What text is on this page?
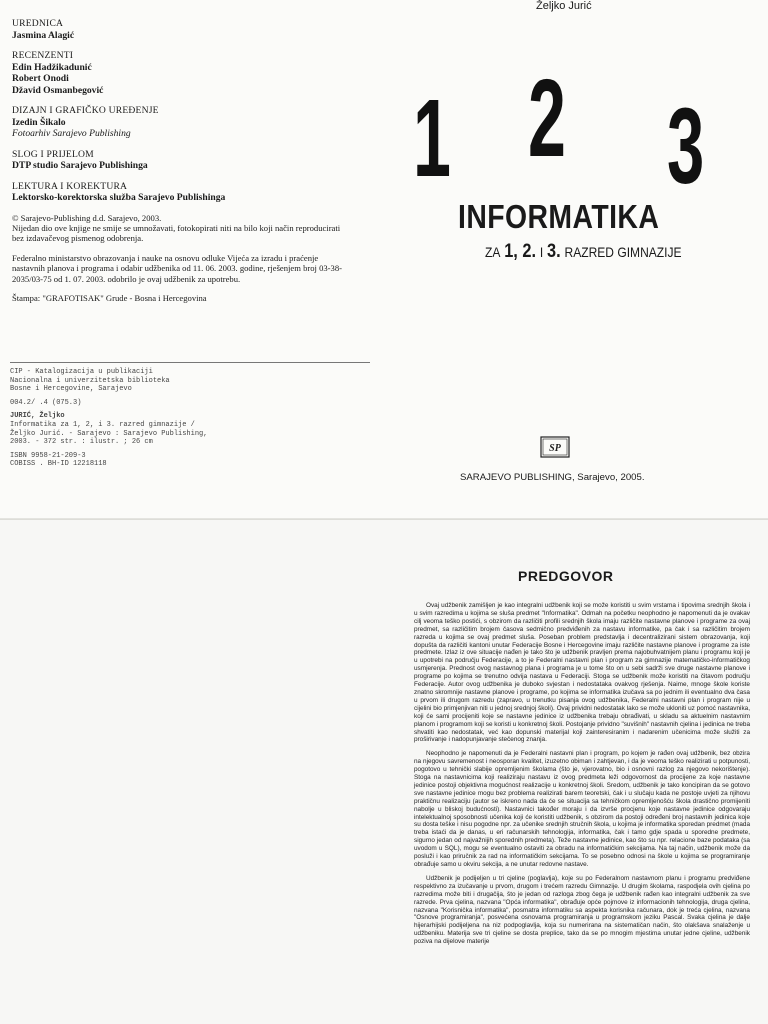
UREDNICA
Jasmina Alagić
RECENZENTI
Edin Hadžikadunić
Robert Onodi
Džavid Osmanbegović
DIZAJN I GRAFIČKO UREĐENJE
Izedin Šikalo
Fotoarhiv Sarajevo Publishing
SLOG I PRIJELOM
DTP studio Sarajevo Publishinga
LEKTURA I KOREKTURA
Lektorsko-korektorska služba Sarajevo Publishinga
© Sarajevo-Publishing d.d. Sarajevo, 2003.
Nijedan dio ove knjige ne smije se umnožavati, fotokopirati niti na bilo koji način reproducirati bez izdavačevog pismenog odobrenja.
Federalno ministarstvo obrazovanja i nauke na osnovu odluke Vijeća za izradu i praćenje nastavnih planova i programa i odabir udžbenika od 11. 06. 2003. godine, rješenjem broj 03-38-2035/03-75 od 1. 07. 2003. odobrilo je ovaj udžbenik za upotrebu.
Štampa: "GRAFOTISAK" Grude - Bosna i Hercegovina
CIP - Katalogizacija u publikaciji
Nacionalna i univerzitetska biblioteka
Bosne i Hercegovine, Sarajevo
004.2/ .4 (075.3)
JURIĆ, Željko
Informatika za 1, 2, i 3. razred gimnazije /
Željko Jurić. - Sarajevo : Sarajevo Publishing,
2003. - 372 str. : ilustr. ; 26 cm
ISBN 9958-21-209-3
COBISS . BH-ID 12218118
Željko Jurić
1 2 3
INFORMATIKA
ZA 1, 2. I 3. RAZRED GIMNAZIJE
SP
SARAJEVO PUBLISHING, Sarajevo, 2005.
PREDGOVOR

Ovaj udžbenik zamišljen je kao integralni udžbenik koji se može koristiti u svim vrstama i tipovima srednjih škola i u svim razredima u kojima se sluša predmet "Informatika". Odmah na početku neophodno je napomenuti da je ovakav cilj veoma teško postići, s obzirom da različiti profili srednjih škola imaju različite nastavne planove i programe za ovaj predmet, sa različitim brojem časova sedmično predviđenih za nastavu informatike, pa čak i sa različitim brojem razreda u kojima se ovaj predmet sluša. Poseban problem predstavlja i decentralizirani sistem obrazovanja, koji dopušta da različiti kantoni unutar Federacije Bosne i Hercegovine imaju različite nastavne planove i programe za iste predmete. Izlaz iz ove situacije nađen je tako što je udžbenik pravljen prema najobuhvatnijem planu i programu koji je u upotrebi na području Federacije, a to je Federalni nastavni plan i program za gimnazije matematičko-informatičkog usmjerenja. Prednost ovog nastavnog plana i programa je u tome što on u sebi sadrži sve druge nastavne planove i programe po kojima se trenutno odvija nastava u Federaciji. Stoga se udžbenik može koristiti na čitavom području Federacije. Autor ovog udžbenika je duboko svjestan i nedostataka ovakvog rješenja. Naime, mnoge škole koriste znatno skromnije nastavne planove i programe, po kojima se informatika izučava sa po jednim ili eventualno dva časa u prvom ili drugom razredu (zapravo, u trenutku pisanja ovog udžbenika, Federalni nastavni plan i program nije u cijelini bio primjenjivan niti u jednoj srednjoj školi). Ovaj prividni nedostatak lako se može ukloniti uz pomoć nastavnika, koji će sami procijeniti koje se nastavne jedinice iz udžbenika trebaju obrađivati, u skladu sa aktuelnim nastavnim planom i programom koji se koristi u konkretnoj školi. Postojanje prividno "suvišnih" nastavnih cjelina i jedinica ne treba shvatiti kao nedostatak, već kao dopunski materijal koji zainteresiranim i nadarenim učenicima može služiti za proširivanje i nadopunjavanje stečenog znanja.

Neophodno je napomenuti da je Federalni nastavni plan i program, po kojem je rađen ovaj udžbenik, bez obzira na njegovu savremenost i neosporan kvalitet, izuzetno obiman i zahtjevan, i da je veoma teško realizirati u potpunosti, pogotovo u tehnički slabije opremljenim školama (što je, vjerovatno, bio i osnovni razlog za njegovo nekorištenje). Stoga na nastavnicima koji realiziraju nastavu iz ovog predmeta leži odgovornost da procijene za koje nastavne jedinice postoji objektivna mogućnost realizacije u konkretnoj školi. Sredom, udžbenik je tako koncipiran da se gotovo sve nastavne jedinice mogu bez problema realizirati barem teoretski, čak i u slučaju kada ne postoje uvjeti za njihovu praktičnu realizaciju (autor se iskreno nada da će se situacija sa tehničkom opremljenošću škola drastično promijeniti nabolje u bliskoj budućnosti). Nastavnici također moraju i da izvrše procjenu koje nastavne jedinice odgovaraju intelektualnoj sposobnosti učenika koji će koristiti udžbenik, s obzirom da postoji određeni broj nastavnih jedinica koje su dosta teške i nisu pogodne npr. za učenike srednjih stručnih škola, u kojima je informatika sporedan predmet (mada treba istaći da je danas, u eri računarskih tehnologija, informatika, čak i tamo gdje spada u sporedne predmete, sigurno jedan od najvažnijih sporednih predmeta). Teže nastavne jedinice, kao što su npr. relacione baze podataka (sa uvodom u SQL), mogu se eventualno ostaviti za obradu na informatičkim sekcijama. Na taj način, udžbenik može da posluži i kao priručnik za rad na informatičkim sekcijama. To se posebno odnosi na škole u kojima se programiranje obrađuje samo u okviru sekcija, a ne unutar redovne nastave.

Udžbenik je podijeljen u tri cjeline (poglavlja), koje su po Federalnom nastavnom planu i programu predviđene respektivno za izučavanje u prvom, drugom i trećem razredu Gimnazije. U drugim školama, raspodjela ovih cjelina po razredima može biti i drugačija, što je jedan od razloga zbog čega je udžbenik rađen kao integralni udžbenik za sve razrede. Prva cjelina, nazvana "Opća informatika", obrađuje opće pojmove iz informacionih tehnologija, druga cjelina, nazvana "Korisnička informatika", posmatra informatiku sa aspekta korisnika računara, dok je treća cjelina, nazvana "Osnove programiranja", posvećena osnovama programiranja u programskom jeziku Pascal. Svaka cjelina je dalje hijerarhijski podijeljena na niz podpoglavlja, koja su numerirana na sistematičan način, što olakšava snalaženje u udžbeniku. Materija sve tri cjeline se dosta preplice, tako da se po mnogim mjestima unutar jedne cjeline, udžbenik poziva na dijelove materije
